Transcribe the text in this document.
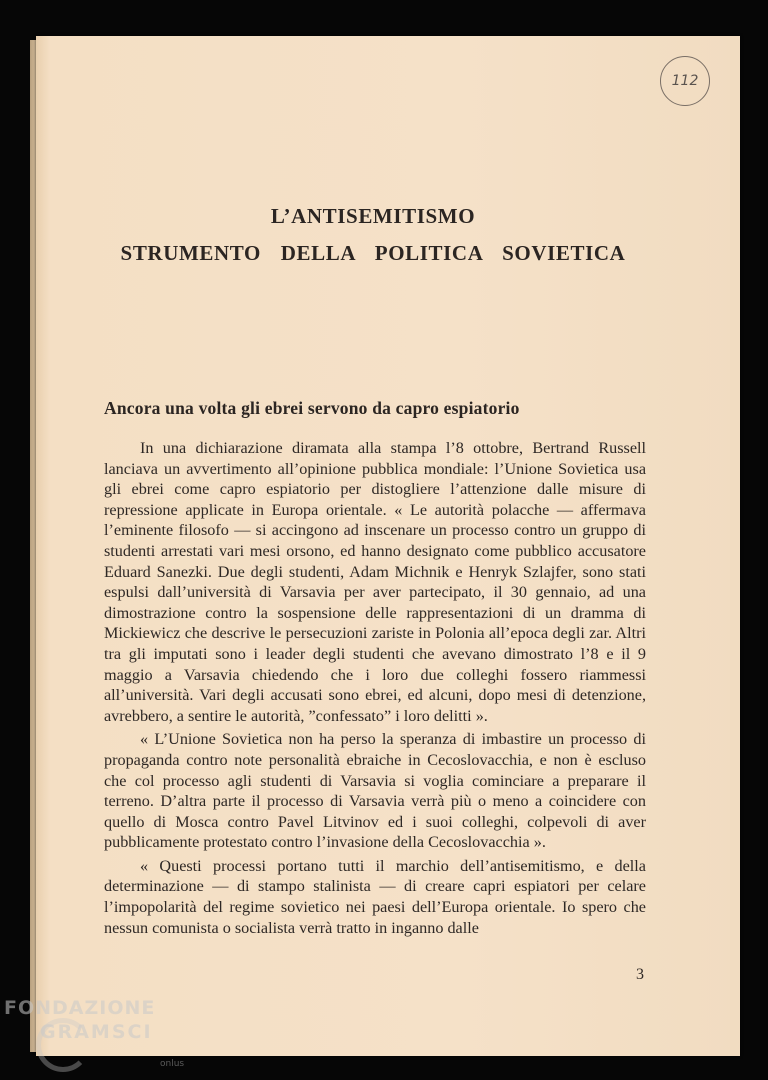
112
L’ANTISEMITISMO
STRUMENTO DELLA POLITICA SOVIETICA
Ancora una volta gli ebrei servono da capro espiatorio

In una dichiarazione diramata alla stampa l’8 ottobre, Bertrand Russell lanciava un avvertimento all’opinione pubblica mondiale: l’Unione Sovietica usa gli ebrei come capro espiatorio per distogliere l’attenzione dalle misure di repressione applicate in Europa orientale. « Le autorità polacche — affermava l’eminente filosofo — si accingono ad inscenare un processo contro un gruppo di studenti arrestati vari mesi orsono, ed hanno designato come pubblico accusatore Eduard Sanezki. Due degli studenti, Adam Michnik e Henryk Szlajfer, sono stati espulsi dall’università di Varsavia per aver partecipato, il 30 gennaio, ad una dimostrazione contro la sospensione delle rappresentazioni di un dramma di Mickiewicz che descrive le persecuzioni zariste in Polonia all’epoca degli zar. Altri tra gli imputati sono i leader degli studenti che avevano dimostrato l’8 e il 9 maggio a Varsavia chiedendo che i loro due colleghi fossero riammessi all’università. Vari degli accusati sono ebrei, ed alcuni, dopo mesi di detenzione, avrebbero, a sentire le autorità, ”confessato” i loro delitti ».

« L’Unione Sovietica non ha perso la speranza di imbastire un processo di propaganda contro note personalità ebraiche in Cecoslovacchia, e non è escluso che col processo agli studenti di Varsavia si voglia cominciare a preparare il terreno. D’altra parte il processo di Varsavia verrà più o meno a coincidere con quello di Mosca contro Pavel Litvinov ed i suoi colleghi, colpevoli di aver pubblicamente protestato contro l’invasione della Cecoslovacchia ».

« Questi processi portano tutti il marchio dell’antisemitismo, e della determinazione — di stampo stalinista — di creare capri espiatori per celare l’impopolarità del regime sovietico nei paesi dell’Europa orientale. Io spero che nessun comunista o socialista verrà tratto in inganno dalle

3
FONDAZIONE
GRAMSCI
onlus
